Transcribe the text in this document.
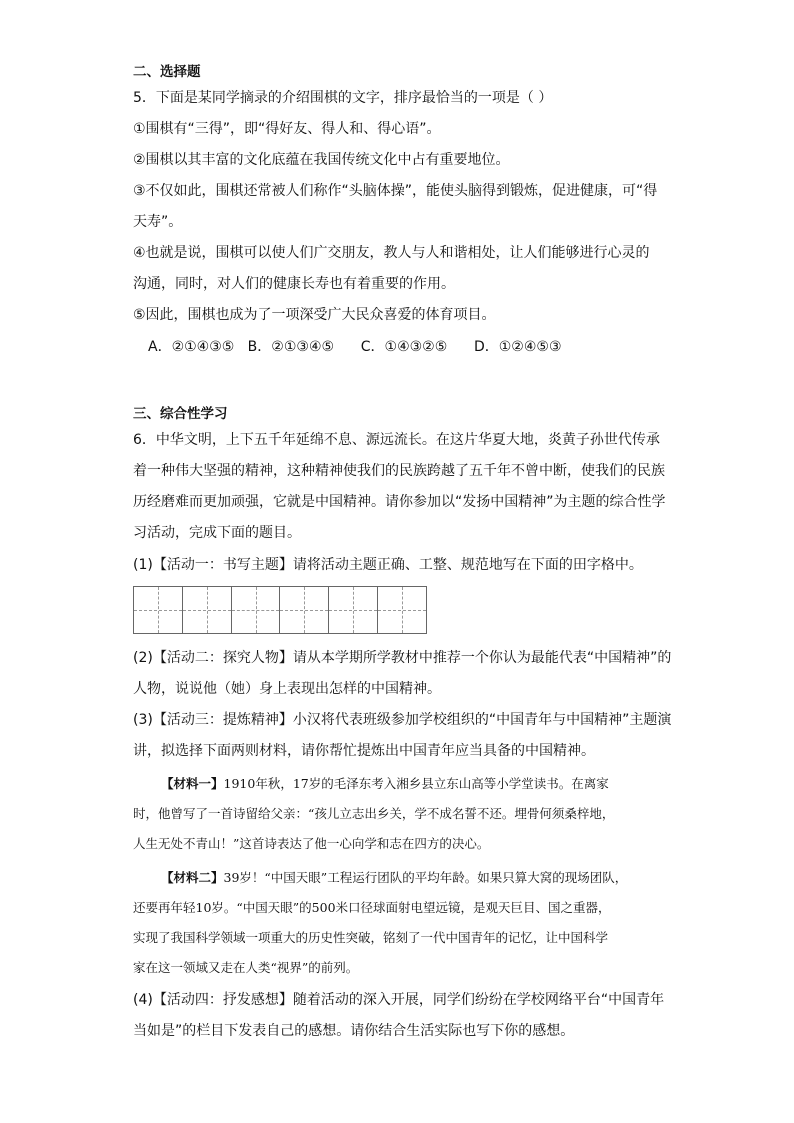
二、选择题
5．下面是某同学摘录的介绍围棋的文字，排序最恰当的一项是（ ）
①围棋有“三得”，即“得好友、得人和、得心语”。
②围棋以其丰富的文化底蕴在我国传统文化中占有重要地位。
③不仅如此，围棋还常被人们称作“头脑体操”，能使头脑得到锻炼，促进健康，可“得
天寿”。
④也就是说，围棋可以使人们广交朋友，教人与人和谐相处，让人们能够进行心灵的
沟通，同时，对人们的健康长寿也有着重要的作用。
⑤因此，围棋也成为了一项深受广大民众喜爱的体育项目。
A．②①④③⑤   B．②①③④⑤      C．①④③②⑤      D．①②④⑤③
三、综合性学习
6．中华文明，上下五千年延绵不息、源远流长。在这片华夏大地，炎黄子孙世代传承
着一种伟大坚强的精神，这种精神使我们的民族跨越了五千年不曾中断，使我们的民族
历经磨难而更加顽强，它就是中国精神。请你参加以“发扬中国精神”为主题的综合性学
习活动，完成下面的题目。
(1)【活动一：书写主题】请将活动主题正确、工整、规范地写在下面的田字格中。
(2)【活动二：探究人物】请从本学期所学教材中推荐一个你认为最能代表“中国精神”的
人物，说说他（她）身上表现出怎样的中国精神。
(3)【活动三：提炼精神】小汉将代表班级参加学校组织的“中国青年与中国精神”主题演
讲，拟选择下面两则材料，请你帮忙提炼出中国青年应当具备的中国精神。
【材料一】1910年秋，17岁的毛泽东考入湘乡县立东山高等小学堂读书。在离家
时，他曾写了一首诗留给父亲：“孩儿立志出乡关，学不成名誓不还。埋骨何须桑梓地，
人生无处不青山！”这首诗表达了他一心向学和志在四方的决心。
【材料二】39岁！“中国天眼”工程运行团队的平均年龄。如果只算大窝的现场团队，
还要再年轻10岁。“中国天眼”的500米口径球面射电望远镜，是观天巨目、国之重器，
实现了我国科学领域一项重大的历史性突破，铭刻了一代中国青年的记忆，让中国科学
家在这一领域又走在人类“视界”的前列。
(4)【活动四：抒发感想】随着活动的深入开展，同学们纷纷在学校网络平台“中国青年
当如是”的栏目下发表自己的感想。请你结合生活实际也写下你的感想。
